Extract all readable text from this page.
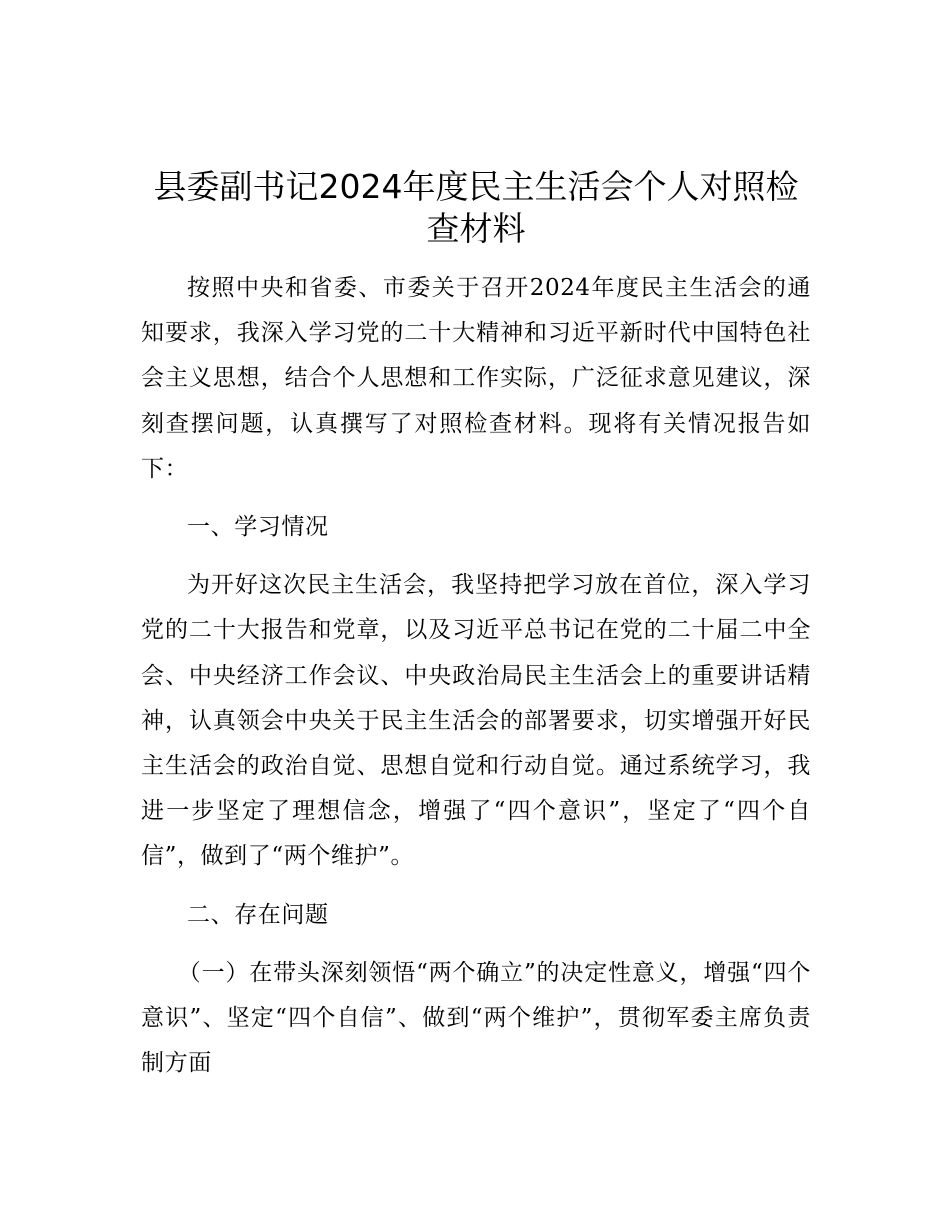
县委副书记2024年度民主生活会个人对照检查材料

按照中央和省委、市委关于召开2024年度民主生活会的通知要求，我深入学习党的二十大精神和习近平新时代中国特色社会主义思想，结合个人思想和工作实际，广泛征求意见建议，深刻查摆问题，认真撰写了对照检查材料。现将有关情况报告如下：

一、学习情况

为开好这次民主生活会，我坚持把学习放在首位，深入学习党的二十大报告和党章，以及习近平总书记在党的二十届二中全会、中央经济工作会议、中央政治局民主生活会上的重要讲话精神，认真领会中央关于民主生活会的部署要求，切实增强开好民主生活会的政治自觉、思想自觉和行动自觉。通过系统学习，我进一步坚定了理想信念，增强了“四个意识”，坚定了“四个自信”，做到了“两个维护”。

二、存在问题

（一）在带头深刻领悟“两个确立”的决定性意义，增强“四个意识”、坚定“四个自信”、做到“两个维护”，贯彻军委主席负责制方面
